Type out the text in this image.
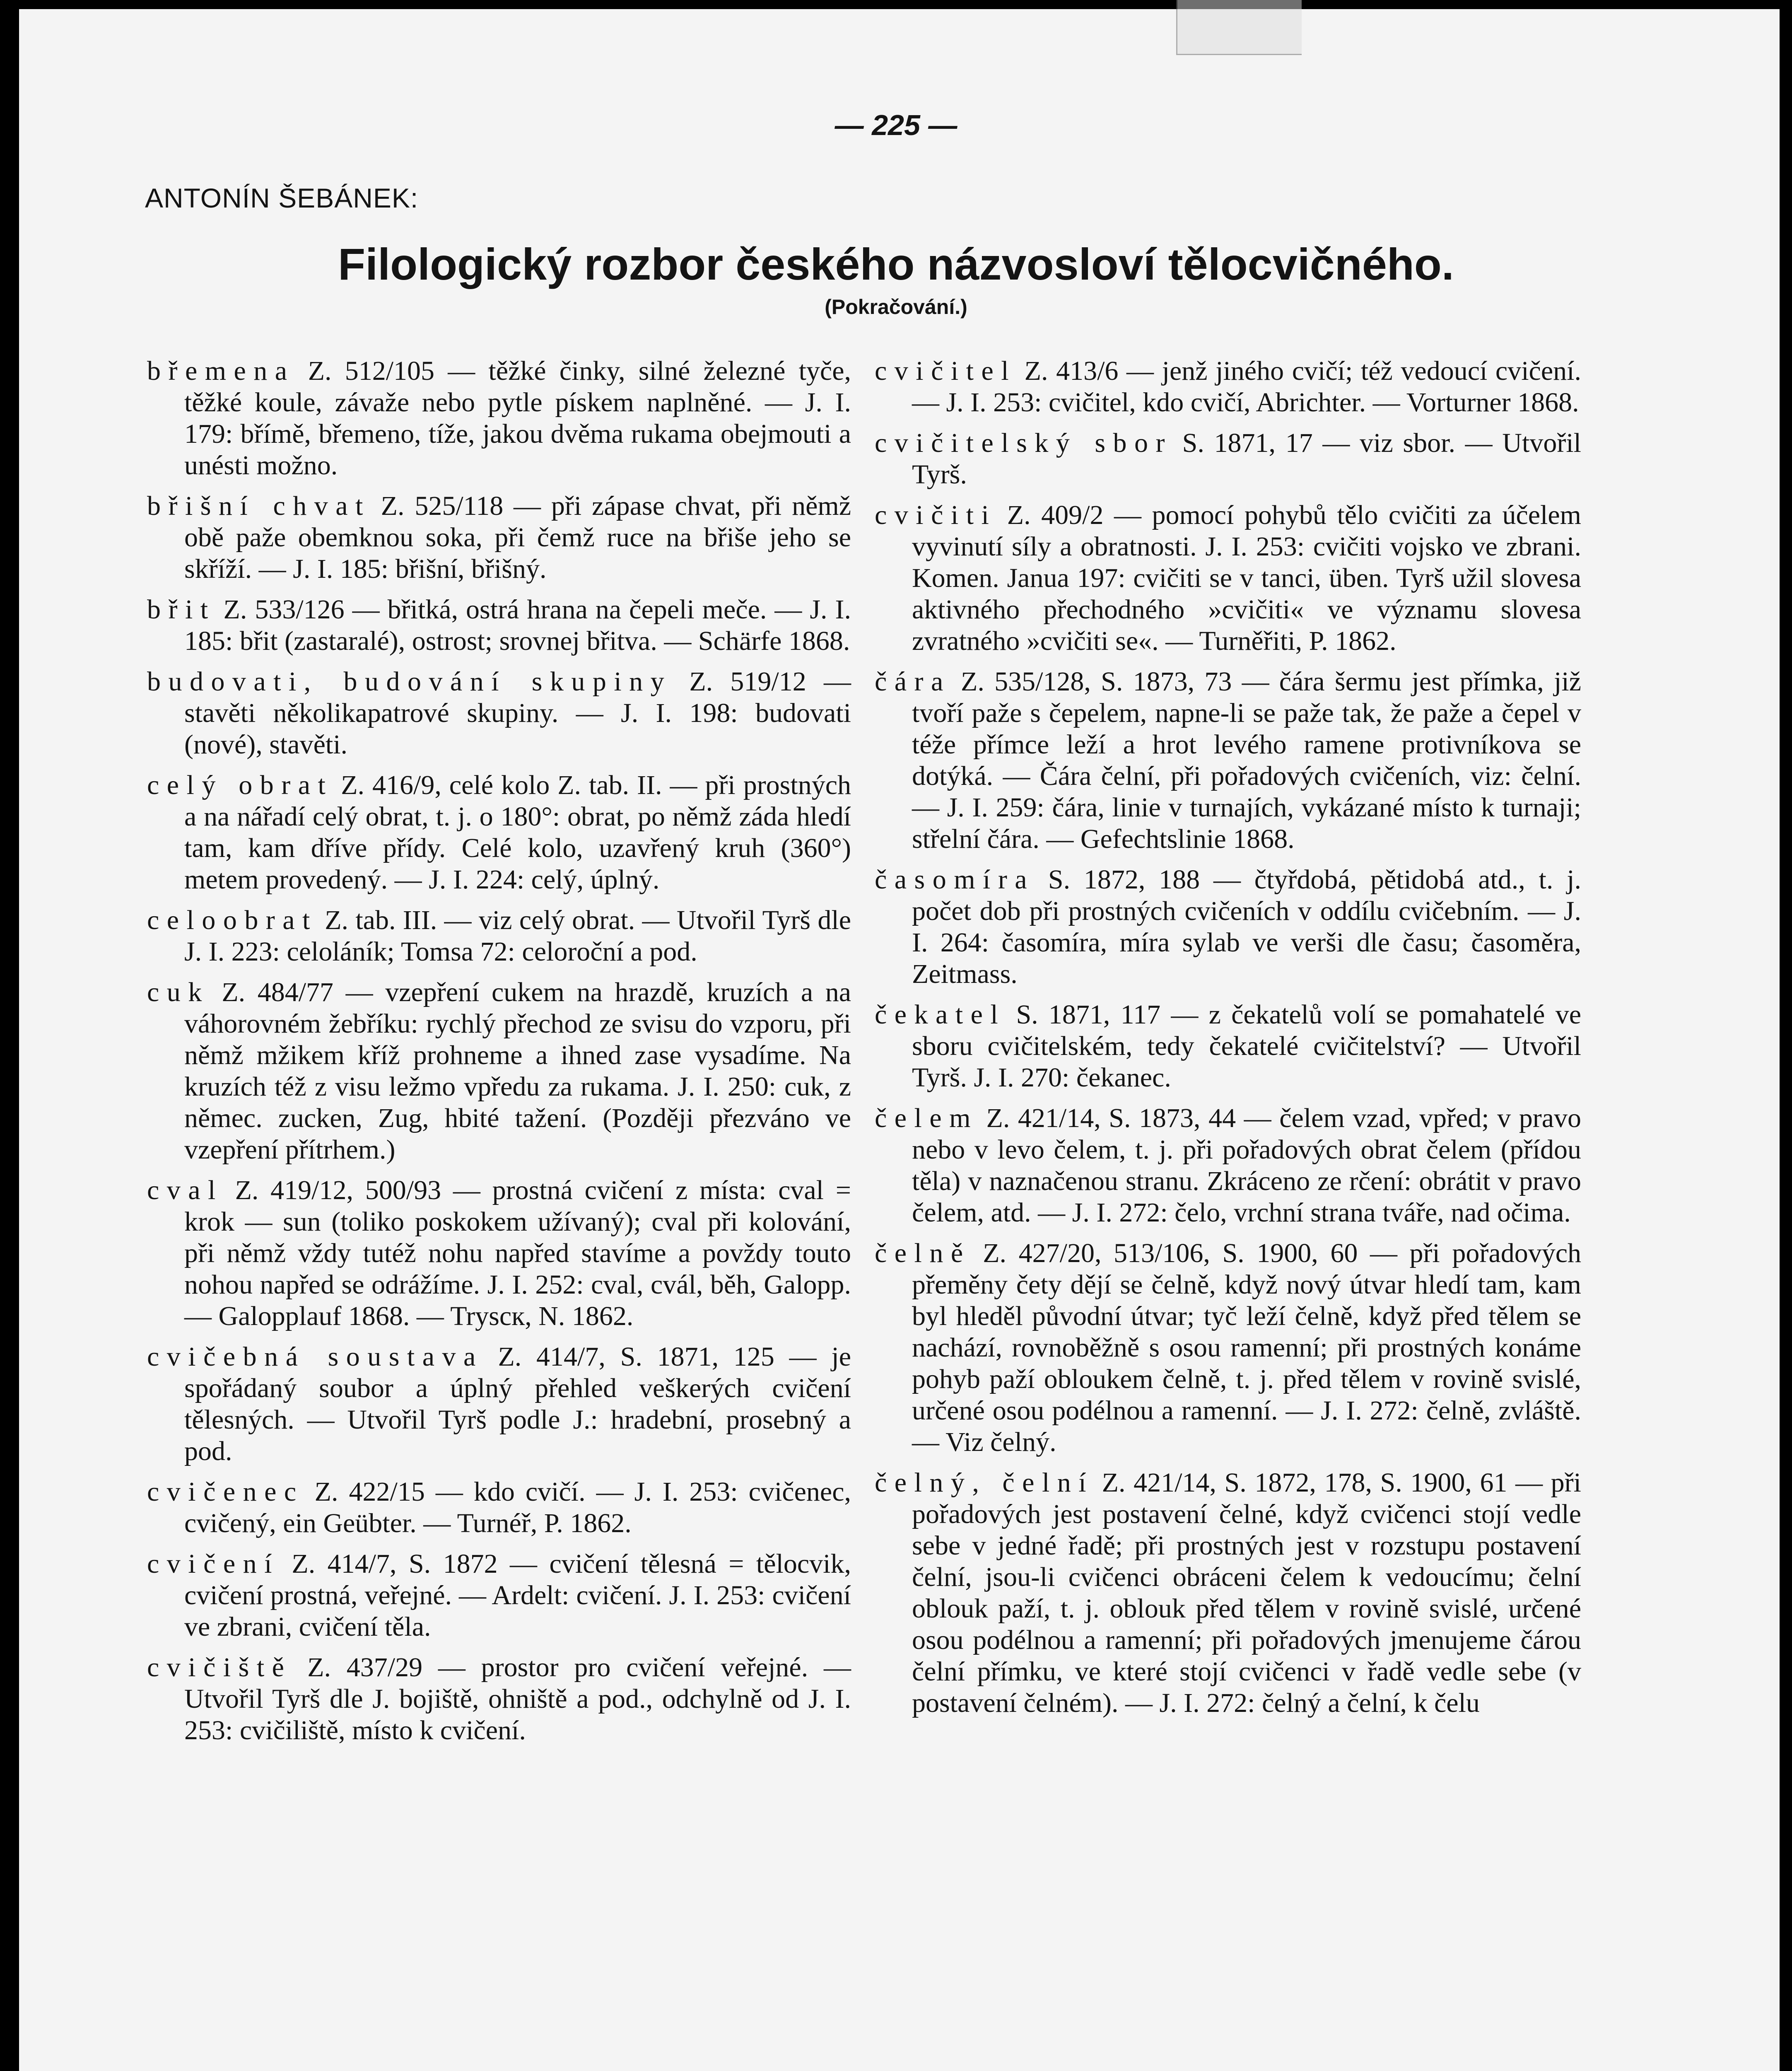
— 225 —
ANTONÍN ŠEBÁNEK:
Filologický rozbor českého názvosloví tělocvičného.
(Pokračování.)

břemena Z. 512/105 — těžké činky, silné železné tyče, těžké koule, závaže nebo pytle pískem naplněné. — J. I. 179: břímě, břemeno, tíže, jakou dvěma rukama obejmouti a unésti možno.

břišní chvat Z. 525/118 — při zápase chvat, při němž obě paže obemknou soka, při čemž ruce na břiše jeho se skříží. — J. I. 185: břišní, břišný.

břit Z. 533/126 — břitká, ostrá hrana na čepeli meče. — J. I. 185: břit (zastaralé), ostrost; srovnej břitva. — Schärfe 1868.

budovati, budování skupiny Z. 519/12 — stavěti několikapatrové skupiny. — J. I. 198: budovati (nové), stavěti.

celý obrat Z. 416/9, celé kolo Z. tab. II. — při prostných a na nářadí celý obrat, t. j. o 180°: obrat, po němž záda hledí tam, kam dříve přídy. Celé kolo, uzavřený kruh (360°) metem provedený. — J. I. 224: celý, úplný.

celoobrat Z. tab. III. — viz celý obrat. — Utvořil Tyrš dle J. I. 223: celoláník; Tomsa 72: celoroční a pod.

cuk Z. 484/77 — vzepření cukem na hrazdě, kruzích a na váhorovném žebříku: rychlý přechod ze svisu do vzporu, při němž mžikem kříž prohneme a ihned zase vysadíme. Na kruzích též z visu ležmo vpředu za rukama. J. I. 250: cuk, z němec. zucken, Zug, hbité tažení. (Později přezváno ve vzepření přítrhem.)

cval Z. 419/12, 500/93 — prostná cvičení z místa: cval = krok — sun (toliko poskokem užívaný); cval při kolování, při němž vždy tutéž nohu napřed stavíme a povždy touto nohou napřed se odrážíme. J. I. 252: cval, cvál, běh, Galopp. — Galopplauf 1868. — Tryscк, N. 1862.

cvičebná soustava Z. 414/7, S. 1871, 125 — je spořádaný soubor a úplný přehled veškerých cvičení tělesných. — Utvořil Tyrš podle J.: hradební, prosebný a pod.

cvičenec Z. 422/15 — kdo cvičí. — J. I. 253: cvičenec, cvičený, ein Geübter. — Turnéř, P. 1862.

cvičení Z. 414/7, S. 1872 — cvičení tělesná = tělocvik, cvičení prostná, veřejné. — Ardelt: cvičení. J. I. 253: cvičení ve zbrani, cvičení těla.

cvičiště Z. 437/29 — prostor pro cvičení veřejné. — Utvořil Tyrš dle J. bojiště, ohniště a pod., odchylně od J. I. 253: cvičiliště, místo k cvičení.

cvičitel Z. 413/6 — jenž jiného cvičí; též vedoucí cvičení. — J. I. 253: cvičitel, kdo cvičí, Abrichter. — Vorturner 1868.

cvičitelský sbor S. 1871, 17 — viz sbor. — Utvořil Tyrš.

cvičiti Z. 409/2 — pomocí pohybů tělo cvičiti za účelem vyvinutí síly a obratnosti. J. I. 253: cvičiti vojsko ve zbrani. Komen. Janua 197: cvičiti se v tanci, üben. Tyrš užil slovesa aktivného přechodného »cvičiti« ve významu slovesa zvratného »cvičiti se«. — Turněřiti, P. 1862.

čára Z. 535/128, S. 1873, 73 — čára šermu jest přímka, již tvoří paže s čepelem, napne-li se paže tak, že paže a čepel v téže přímce leží a hrot levého ramene protivníkova se dotýká. — Čára čelní, při pořadových cvičeních, viz: čelní. — J. I. 259: čára, linie v turnajích, vykázané místo k turnaji; střelní čára. — Gefechtslinie 1868.

časomíra S. 1872, 188 — čtyřdobá, pětidobá atd., t. j. počet dob při prostných cvičeních v oddílu cvičebním. — J. I. 264: časomíra, míra sylab ve verši dle času; časoměra, Zeitmass.

čekatel S. 1871, 117 — z čekatelů volí se pomahatelé ve sboru cvičitelském, tedy čekatelé cvičitelství? — Utvořil Tyrš. J. I. 270: čekanec.

čelem Z. 421/14, S. 1873, 44 — čelem vzad, vpřed; v pravo nebo v levo čelem, t. j. při pořadových obrat čelem (přídou těla) v naznačenou stranu. Zkráceno ze rčení: obrátit v pravo čelem, atd. — J. I. 272: čelo, vrchní strana tváře, nad očima.

čelně Z. 427/20, 513/106, S. 1900, 60 — při pořadových přeměny čety dějí se čelně, když nový útvar hledí tam, kam byl hleděl původní útvar; tyč leží čelně, když před tělem se nachází, rovnoběžně s osou ramenní; při prostných konáme pohyb paží obloukem čelně, t. j. před tělem v rovině svislé, určené osou podélnou a ramenní. — J. I. 272: čelně, zvláště. — Viz čelný.

čelný, čelní Z. 421/14, S. 1872, 178, S. 1900, 61 — při pořadových jest postavení čelné, když cvičenci stojí vedle sebe v jedné řadě; při prostných jest v rozstupu postavení čelní, jsou-li cvičenci obráceni čelem k vedoucímu; čelní oblouk paží, t. j. oblouk před tělem v rovině svislé, určené osou podélnou a ramenní; při pořadových jmenujeme čárou čelní přímku, ve které stojí cvičenci v řadě vedle sebe (v postavení čelném). — J. I. 272: čelný a čelní, k čelu
